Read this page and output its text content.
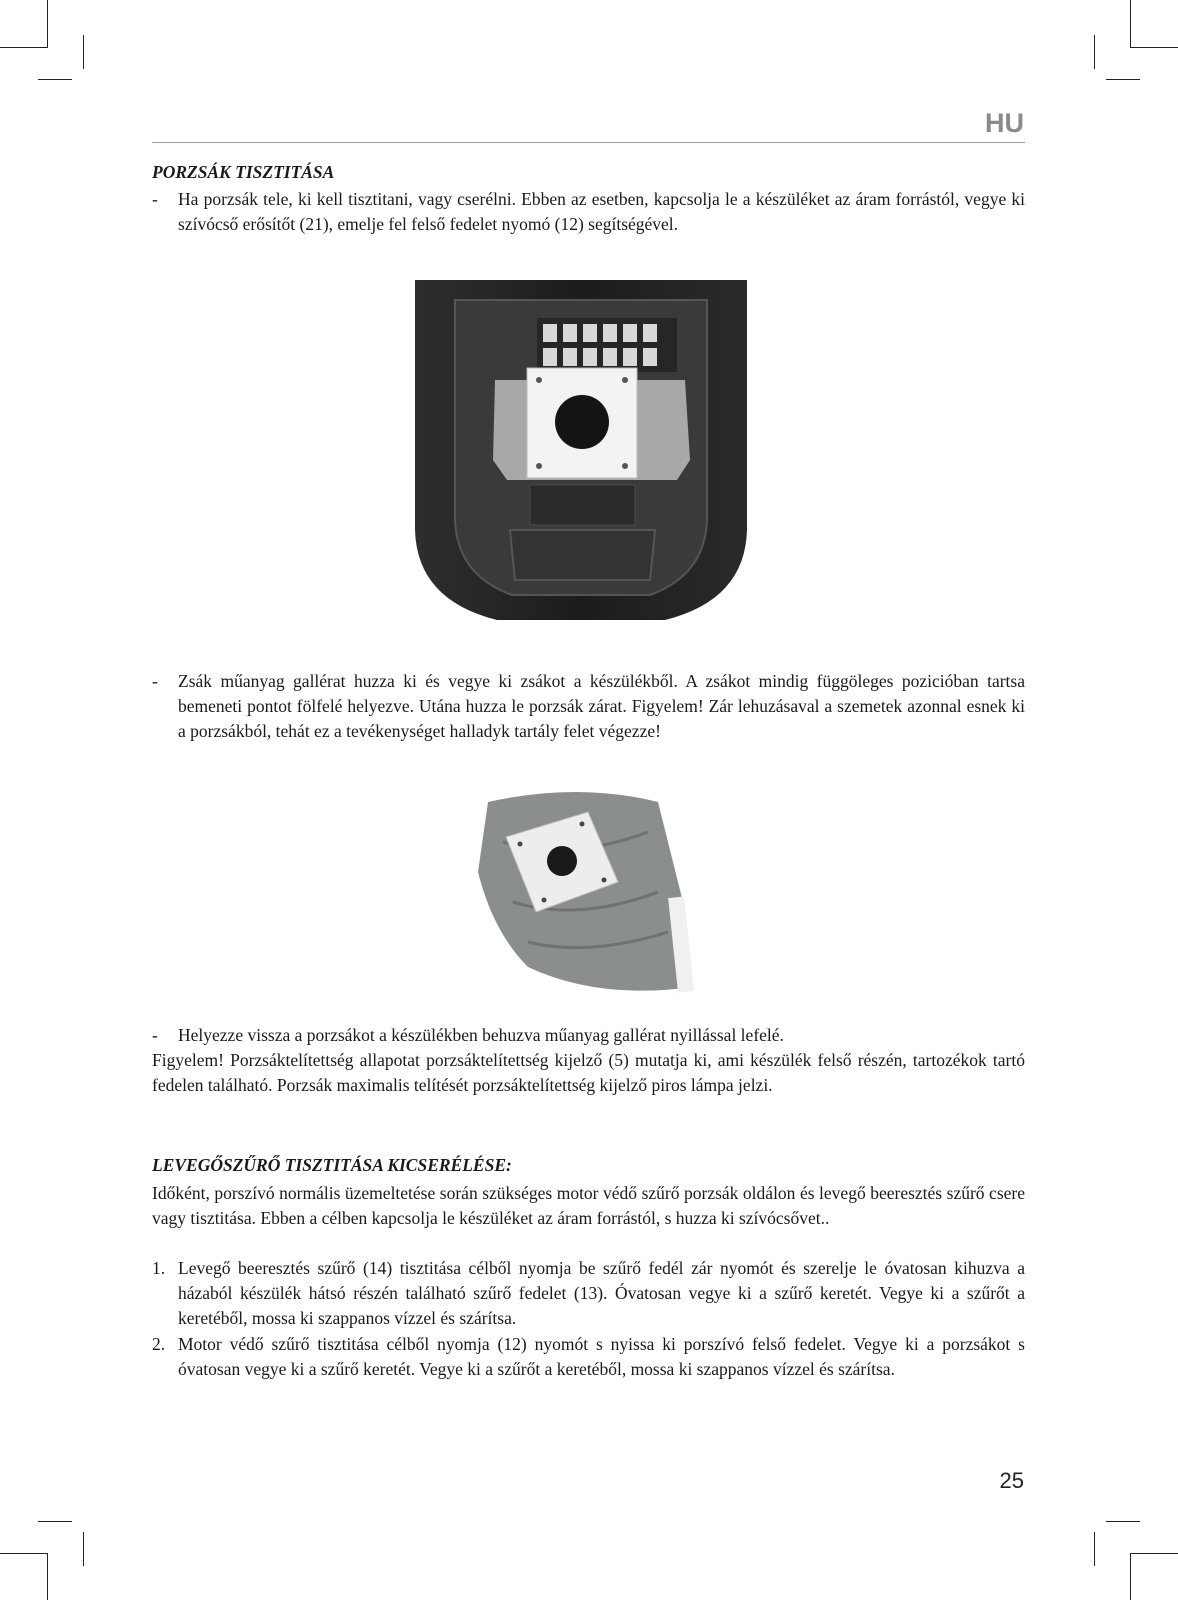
HU
PORZSÁK TISZTITÁSA
- Ha porzsák tele, ki kell tisztitani, vagy cserélni. Ebben az esetben, kapcsolja le a készüléket az áram forrástól, vegye ki szívócső erősítőt (21), emelje fel felső fedelet nyomó (12) segítségével.
- Zsák műanyag gallérat huzza ki és vegye ki zsákot a készülékből. A zsákot mindig függöleges pozicióban tartsa bemeneti pontot fölfelé helyezve. Utána huzza le porzsák zárat. Figyelem! Zár lehuzásaval a szemetek azonnal esnek ki a porzsákból, tehát ez a tevékenységet halladyk tartály felet végezze!
- Helyezze vissza a porzsákot a készülékben behuzva műanyag gallérat nyillással lefelé.
Figyelem! Porzsáktelítettség allapotat porzsáktelítettség kijelző (5) mutatja ki, ami készülék felső részén, tartozékok tartó fedelen található. Porzsák maximalis telítését porzsáktelítettség kijelző piros lámpa jelzi.
LEVEGŐSZŰRŐ TISZTITÁSA KICSERÉLÉSE:
Időként, porszívó normális üzemeltetése során szükséges motor védő szűrő porzsák oldálon és levegő beeresztés szűrő csere vagy tisztitása. Ebben a célben kapcsolja le készüléket az áram forrástól, s huzza ki szívócsővet..
1. Levegő beeresztés szűrő (14) tisztitása célből nyomja be szűrő fedél zár nyomót és szerelje le óvatosan kihuzva a házaból készülék hátsó részén található szűrő fedelet (13). Óvatosan vegye ki a szűrő keretét. Vegye ki a szűrőt a keretéből, mossa ki szappanos vízzel és szárítsa.
2. Motor védő szűrő tisztitása célből nyomja (12) nyomót s nyissa ki porszívó felső fedelet. Vegye ki a porzsákot s óvatosan vegye ki a szűrő keretét. Vegye ki a szűrőt a keretéből, mossa ki szappanos vízzel és szárítsa.
25
